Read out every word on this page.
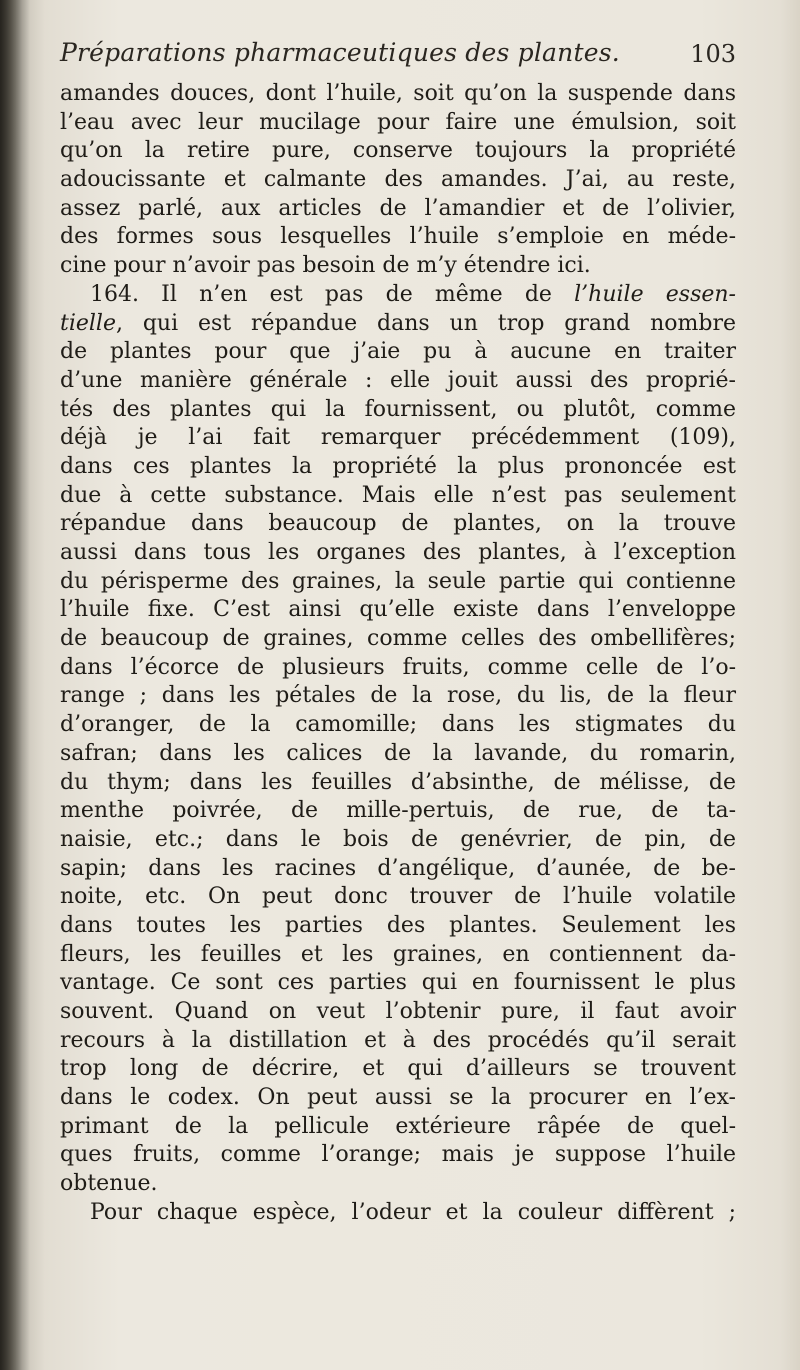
Préparations pharmaceutiques des plantes.	103
amandes douces, dont l’huile, soit qu’on la suspende dans
l’eau avec leur mucilage pour faire une émulsion, soit
qu’on la retire pure, conserve toujours la propriété
adoucissante et calmante des amandes. J’ai, au reste,
assez parlé, aux articles de l’amandier et de l’olivier,
des formes sous lesquelles l’huile s’emploie en méde-
cine pour n’avoir pas besoin de m’y étendre ici.
164. Il n’en est pas de même de l’huile essen-
tielle, qui est répandue dans un trop grand nombre
de plantes pour que j’aie pu à aucune en traiter
d’une manière générale : elle jouit aussi des proprié-
tés des plantes qui la fournissent, ou plutôt, comme
déjà je l’ai fait remarquer précédemment (109),
dans ces plantes la propriété la plus prononcée est
due à cette substance. Mais elle n’est pas seulement
répandue dans beaucoup de plantes, on la trouve
aussi dans tous les organes des plantes, à l’exception
du périsperme des graines, la seule partie qui contienne
l’huile fixe. C’est ainsi qu’elle existe dans l’enveloppe
de beaucoup de graines, comme celles des ombellifères;
dans l’écorce de plusieurs fruits, comme celle de l’o-
range ; dans les pétales de la rose, du lis, de la fleur
d’oranger, de la camomille; dans les stigmates du
safran; dans les calices de la lavande, du romarin,
du thym; dans les feuilles d’absinthe, de mélisse, de
menthe poivrée, de mille-pertuis, de rue, de ta-
naisie, etc.; dans le bois de genévrier, de pin, de
sapin; dans les racines d’angélique, d’aunée, de be-
noite, etc. On peut donc trouver de l’huile volatile
dans toutes les parties des plantes. Seulement les
fleurs, les feuilles et les graines, en contiennent da-
vantage. Ce sont ces parties qui en fournissent le plus
souvent. Quand on veut l’obtenir pure, il faut avoir
recours à la distillation et à des procédés qu’il serait
trop long de décrire, et qui d’ailleurs se trouvent
dans le codex. On peut aussi se la procurer en l’ex-
primant de la pellicule extérieure râpée de quel-
ques fruits, comme l’orange; mais je suppose l’huile
obtenue.
Pour chaque espèce, l’odeur et la couleur diffèrent ;
